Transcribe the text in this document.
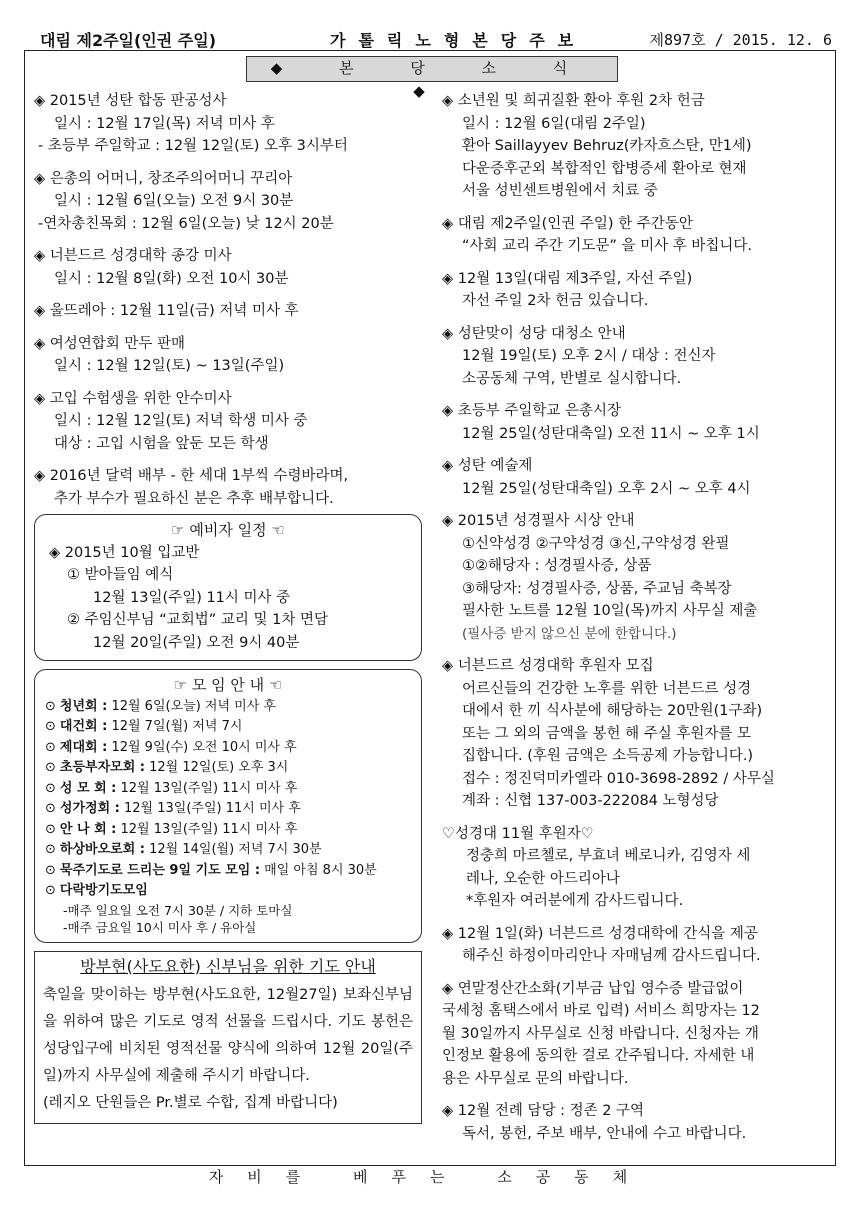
대림 제2주일(인권 주일)	가톨릭노형본당주보	제897호 / 2015. 12. 6
◆ 본 당 소 식 ◆
◈ 2015년 성탄 합동 판공성사
일시 : 12월 17일(목) 저녁 미사 후
- 초등부 주일학교 : 12월 12일(토) 오후 3시부터
◈ 은총의 어머니, 창조주의어머니 꾸리아
일시 : 12월 6일(오늘) 오전 9시 30분
-연차총친목회 : 12월 6일(오늘) 낮 12시 20분
◈ 너븐드르 성경대학 종강 미사
일시 : 12월 8일(화) 오전 10시 30분
◈ 울뜨레아 : 12월 11일(금) 저녁 미사 후
◈ 여성연합회 만두 판매
일시 : 12월 12일(토) ~ 13일(주일)
◈ 고입 수험생을 위한 안수미사
일시 : 12월 12일(토) 저녁 학생 미사 중
대상 : 고입 시험을 앞둔 모든 학생
◈ 2016년 달력 배부 - 한 세대 1부씩 수령바라며,
추가 부수가 필요하신 분은 추후 배부합니다.
☞ 예비자 일정 ☜
◈ 2015년 10월 입교반
① 받아들임 예식
12월 13일(주일) 11시 미사 중
② 주임신부님 “교회법” 교리 및 1차 면담
12월 20일(주일) 오전 9시 40분
☞ 모 임 안 내 ☜
⊙ 청년회 : 12월 6일(오늘) 저녁 미사 후
⊙ 대건회 : 12월 7일(월) 저녁 7시
⊙ 제대회 : 12월 9일(수) 오전 10시 미사 후
⊙ 초등부자모회 : 12월 12일(토) 오후 3시
⊙ 성 모 회 : 12월 13일(주일) 11시 미사 후
⊙ 성가정회 : 12월 13일(주일) 11시 미사 후
⊙ 안 나 회 : 12월 13일(주일) 11시 미사 후
⊙ 하상바오로회 : 12월 14일(월) 저녁 7시 30분
⊙ 묵주기도로 드리는 9일 기도 모임 : 매일 아침 8시 30분
⊙ 다락방기도모임
-매주 일요일 오전 7시 30분 / 지하 토마실
-매주 금요일 10시 미사 후 / 유아실
방부현(사도요한) 신부님을 위한 기도 안내
축일을 맞이하는 방부현(사도요한, 12월27일) 보좌신부님을 위하여 많은 기도로 영적 선물을 드립시다. 기도 봉헌은 성당입구에 비치된 영적선물 양식에 의하여 12월 20일(주일)까지 사무실에 제출해 주시기 바랍니다.
(레지오 단원들은 Pr.별로 수합, 집계 바랍니다)
◈ 소년원 및 희귀질환 환아 후원 2차 헌금
일시 : 12월 6일(대림 2주일)
환아 Saillayyev Behruz(카자흐스탄, 만1세)
다운증후군외 복합적인 합병증세 환아로 현재
서울 성빈센트병원에서 치료 중
◈ 대림 제2주일(인권 주일) 한 주간동안
“사회 교리 주간 기도문” 을 미사 후 바칩니다.
◈ 12월 13일(대림 제3주일, 자선 주일)
자선 주일 2차 헌금 있습니다.
◈ 성탄맞이 성당 대청소 안내
12월 19일(토) 오후 2시 / 대상 : 전신자
소공동체 구역, 반별로 실시합니다.
◈ 초등부 주일학교 은총시장
12월 25일(성탄대축일) 오전 11시 ~ 오후 1시
◈ 성탄 예술제
12월 25일(성탄대축일) 오후 2시 ~ 오후 4시
◈ 2015년 성경필사 시상 안내
①신약성경 ②구약성경 ③신,구약성경 완필
①②해당자 : 성경필사증, 상품
③해당자: 성경필사증, 상품, 주교님 축복장
필사한 노트를 12월 10일(목)까지 사무실 제출
(필사증 받지 않으신 분에 한합니다.)
◈ 너븐드르 성경대학 후원자 모집
어르신들의 건강한 노후를 위한 너븐드르 성경
대에서 한 끼 식사분에 해당하는 20만원(1구좌)
또는 그 외의 금액을 봉헌 해 주실 후원자를 모
집합니다. (후원 금액은 소득공제 가능합니다.)
접수 : 정진덕미카엘라 010-3698-2892 / 사무실
계좌 : 신협 137-003-222084 노형성당
♡성경대 11월 후원자♡
정충희 마르첼로, 부효녀 베로니카, 김영자 세
레나, 오순한 아드리아나
*후원자 여러분에게 감사드립니다.
◈ 12월 1일(화) 너븐드르 성경대학에 간식을 제공
해주신 하정이마리안나 자매님께 감사드립니다.
◈ 연말정산간소화(기부금 납입 영수증 발급없이
국세청 홈택스에서 바로 입력) 서비스 희망자는 12
월 30일까지 사무실로 신청 바랍니다. 신청자는 개
인정보 활용에 동의한 걸로 간주됩니다. 자세한 내
용은 사무실로 문의 바랍니다.
◈ 12월 전례 담당 : 정존 2 구역
독서, 봉헌, 주보 배부, 안내에 수고 바랍니다.
자비를 베푸는 소공동체
